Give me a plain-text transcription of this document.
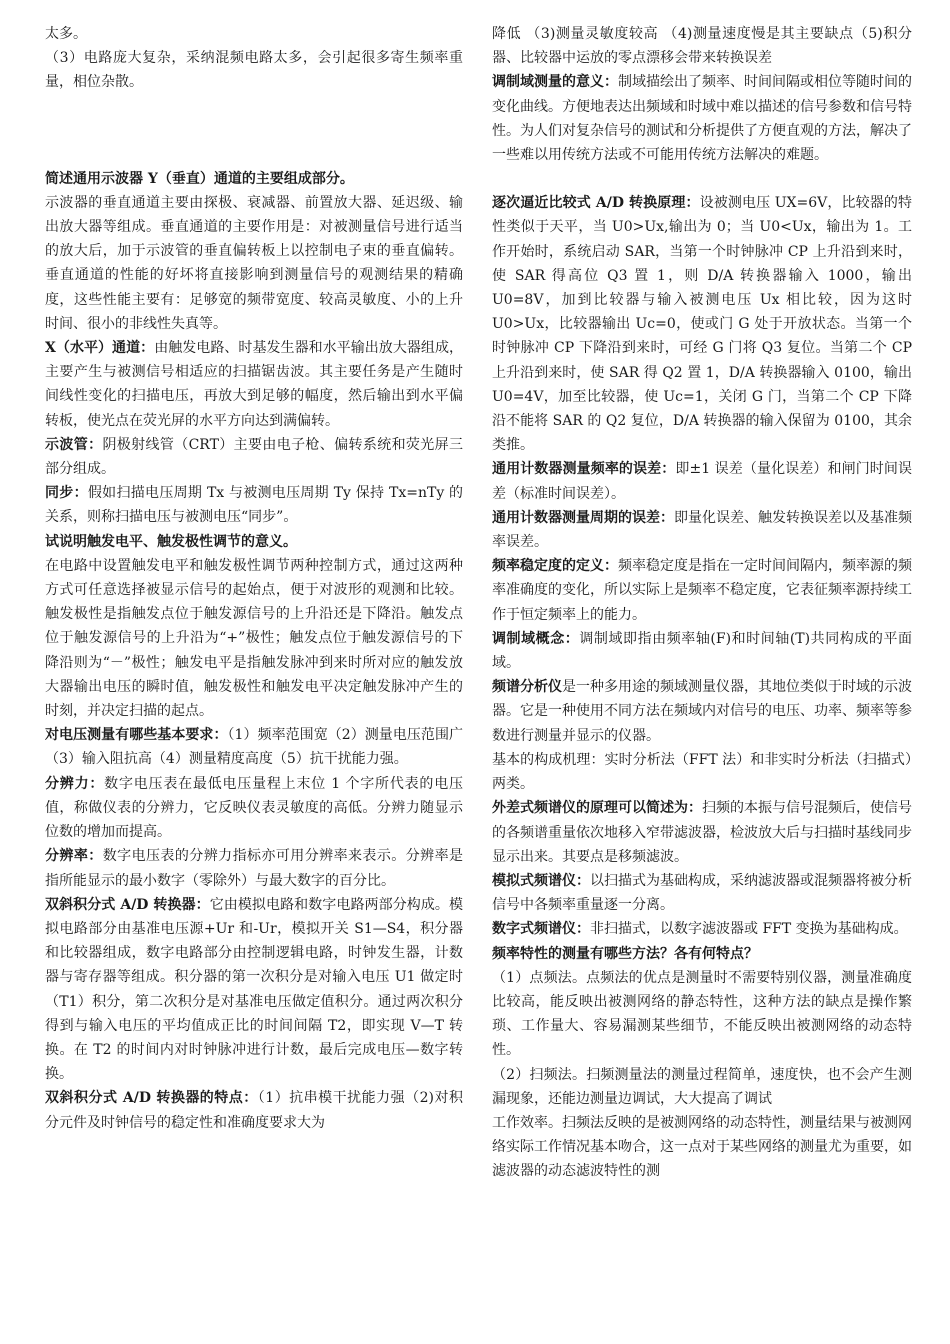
太多。

（3）电路庞大复杂，采纳混频电路太多，会引起很多寄生频率重量，相位杂散。

简述通用示波器 Y（垂直）通道的主要组成部分。

示波器的垂直通道主要由探极、衰减器、前置放大器、延迟级、输出放大器等组成。垂直通道的主要作用是：对被测量信号进行适当的放大后，加于示波管的垂直偏转板上以控制电子束的垂直偏转。垂直通道的性能的好坏将直接影响到测量信号的观测结果的精确度，这些性能主要有：足够宽的频带宽度、较高灵敏度、小的上升时间、很小的非线性失真等。

X（水平）通道：由触发电路、时基发生器和水平输出放大器组成，主要产生与被测信号相适应的扫描锯齿波。其主要任务是产生随时间线性变化的扫描电压，再放大到足够的幅度，然后输出到水平偏转板，使光点在荧光屏的水平方向达到满偏转。

示波管：阴极射线管（CRT）主要由电子枪、偏转系统和荧光屏三部分组成。

同步：假如扫描电压周期 Tx 与被测电压周期 Ty 保持 Tx=nTy 的关系，则称扫描电压与被测电压“同步”。

试说明触发电平、触发极性调节的意义。

在电路中设置触发电平和触发极性调节两种控制方式，通过这两种方式可任意选择被显示信号的起始点，便于对波形的观测和比较。触发极性是指触发点位于触发源信号的上升沿还是下降沿。触发点位于触发源信号的上升沿为“+”极性；触发点位于触发源信号的下降沿则为“－”极性；触发电平是指触发脉冲到来时所对应的触发放大器输出电压的瞬时值，触发极性和触发电平决定触发脉冲产生的时刻，并决定扫描的起点。

对电压测量有哪些基本要求：（1）频率范围宽（2）测量电压范围广（3）输入阻抗高（4）测量精度高度（5）抗干扰能力强。

分辨力：数字电压表在最低电压量程上末位 1 个字所代表的电压值，称做仪表的分辨力，它反映仪表灵敏度的高低。分辨力随显示位数的增加而提高。

分辨率：数字电压表的分辨力指标亦可用分辨率来表示。分辨率是指所能显示的最小数字（零除外）与最大数字的百分比。

双斜积分式 A/D 转换器：它由模拟电路和数字电路两部分构成。模拟电路部分由基准电压源+Ur 和-Ur，模拟开关 S1—S4，积分器和比较器组成，数字电路部分由控制逻辑电路，时钟发生器，计数器与寄存器等组成。积分器的第一次积分是对输入电压 U1 做定时（T1）积分，第二次积分是对基准电压做定值积分。通过两次积分得到与输入电压的平均值成正比的时间间隔 T2，即实现 V—T 转换。在 T2 的时间内对时钟脉冲进行计数，最后完成电压—数字转换。

双斜积分式 A/D 转换器的特点：（1）抗串模干扰能力强（2)对积分元件及时钟信号的稳定性和准确度要求大为

降低 （3)测量灵敏度较高 （4)测量速度慢是其主要缺点（5)积分器、比较器中运放的零点漂移会带来转换误差

调制域测量的意义：制域描绘出了频率、时间间隔或相位等随时间的变化曲线。方便地表达出频域和时域中难以描述的信号参数和信号特性。为人们对复杂信号的测试和分析提供了方便直观的方法，解决了一些难以用传统方法或不可能用传统方法解决的难题。

逐次逼近比较式 A/D 转换原理：设被测电压 UX=6V，比较器的特性类似于天平，当 U0>Ux,输出为 0；当 U0<Ux，输出为 1。工作开始时，系统启动 SAR，当第一个时钟脉冲 CP 上升沿到来时，使 SAR 得高位 Q3 置 1，则 D/A 转换器输入 1000，输出 U0=8V，加到比较器与输入被测电压 Ux 相比较，因为这时 U0>Ux，比较器输出 Uc=0，使或门 G 处于开放状态。当第一个时钟脉冲 CP 下降沿到来时，可经 G 门将 Q3 复位。当第二个 CP 上升沿到来时，使 SAR 得 Q2 置 1，D/A 转换器输入 0100，输出 U0=4V，加至比较器，使 Uc=1，关闭 G 门，当第二个 CP 下降沿不能将 SAR 的 Q2 复位，D/A 转换器的输入保留为 0100，其余类推。

通用计数器测量频率的误差：即±1 误差（量化误差）和闸门时间误差（标准时间误差）。

通用计数器测量周期的误差：即量化误差、触发转换误差以及基准频率误差。

频率稳定度的定义：频率稳定度是指在一定时间间隔内，频率源的频率准确度的变化，所以实际上是频率不稳定度，它表征频率源持续工作于恒定频率上的能力。

调制域概念：调制域即指由频率轴(F)和时间轴(T)共同构成的平面域。

频谱分析仪是一种多用途的频域测量仪器，其地位类似于时域的示波器。它是一种使用不同方法在频域内对信号的电压、功率、频率等参数进行测量并显示的仪器。

基本的构成机理：实时分析法（FFT 法）和非实时分析法（扫描式）两类。

外差式频谱仪的原理可以简述为：扫频的本振与信号混频后，使信号的各频谱重量依次地移入窄带滤波器，检波放大后与扫描时基线同步显示出来。其要点是移频滤波。

模拟式频谱仪：以扫描式为基础构成，采纳滤波器或混频器将被分析信号中各频率重量逐一分离。

数字式频谱仪：非扫描式，以数字滤波器或 FFT 变换为基础构成。

频率特性的测量有哪些方法？各有何特点？

（1）点频法。点频法的优点是测量时不需要特别仪器，测量准确度比较高，能反映出被测网络的静态特性，这种方法的缺点是操作繁琐、工作量大、容易漏测某些细节，不能反映出被测网络的动态特性。

（2）扫频法。扫频测量法的测量过程简单，速度快，也不会产生测漏现象，还能边测量边调试，大大提高了调试

工作效率。扫频法反映的是被测网络的动态特性，测量结果与被测网络实际工作情况基本吻合，这一点对于某些网络的测量尤为重要，如滤波器的动态滤波特性的测
